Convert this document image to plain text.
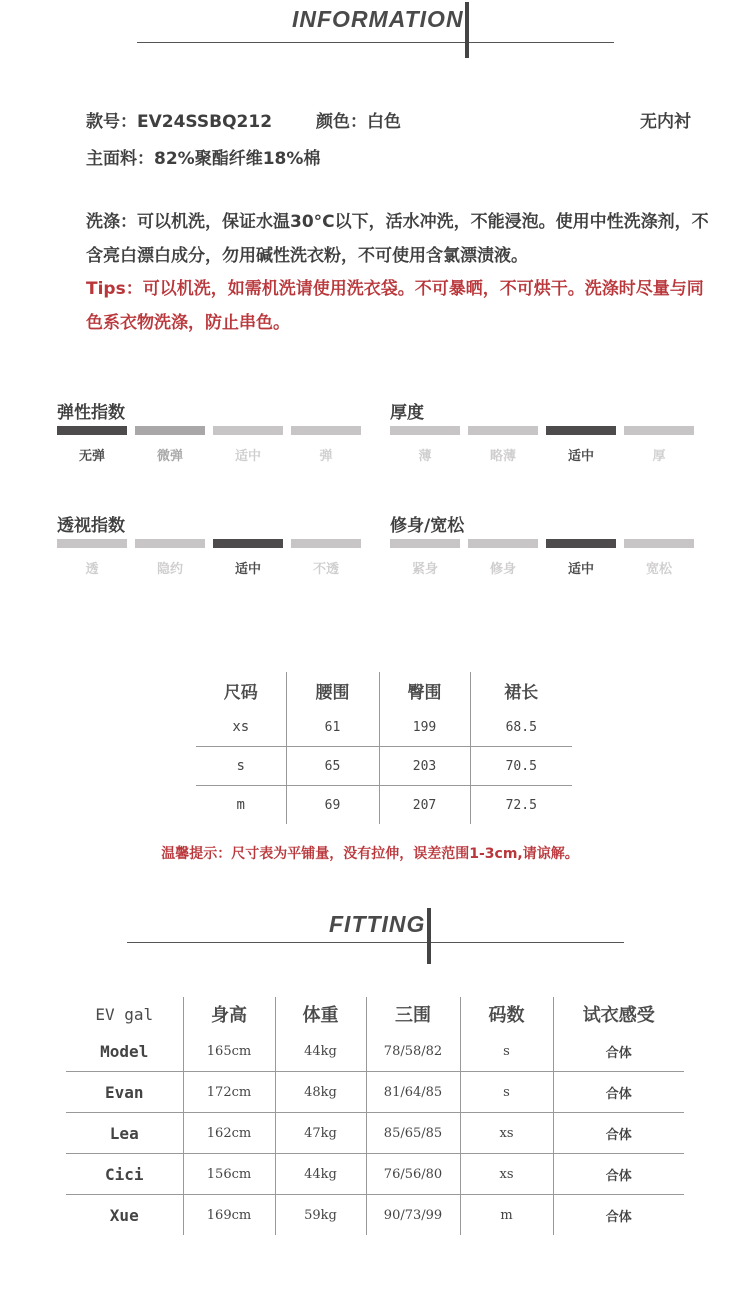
INFORMATION
款号：EV24SSBQ212	颜色：白色	无内衬
主面料：82%聚酯纤维18%棉
洗涤：可以机洗，保证水温30°C以下，活水冲洗，不能浸泡。使用中性洗涤剂，不含亮白漂白成分，勿用碱性洗衣粉，不可使用含氯漂渍液。
Tips：可以机洗，如需机洗请使用洗衣袋。不可暴晒，不可烘干。洗涤时尽量与同色系衣物洗涤，防止串色。
弹性指数
无弹	微弹	适中	弹
厚度
薄	略薄	适中	厚
透视指数
透	隐约	适中	不透
修身/宽松
紧身	修身	适中	宽松
尺码	腰围	臀围	裙长
xs	61	199	68.5
s	65	203	70.5
m	69	207	72.5
温馨提示：尺寸表为平铺量，没有拉伸，误差范围1-3cm,请谅解。
FITTING
EV gal	身高	体重	三围	码数	试衣感受
Model	165cm	44kg	78/58/82	s	合体
Evan	172cm	48kg	81/64/85	s	合体
Lea	162cm	47kg	85/65/85	xs	合体
Cici	156cm	44kg	76/56/80	xs	合体
Xue	169cm	59kg	90/73/99	m	合体
